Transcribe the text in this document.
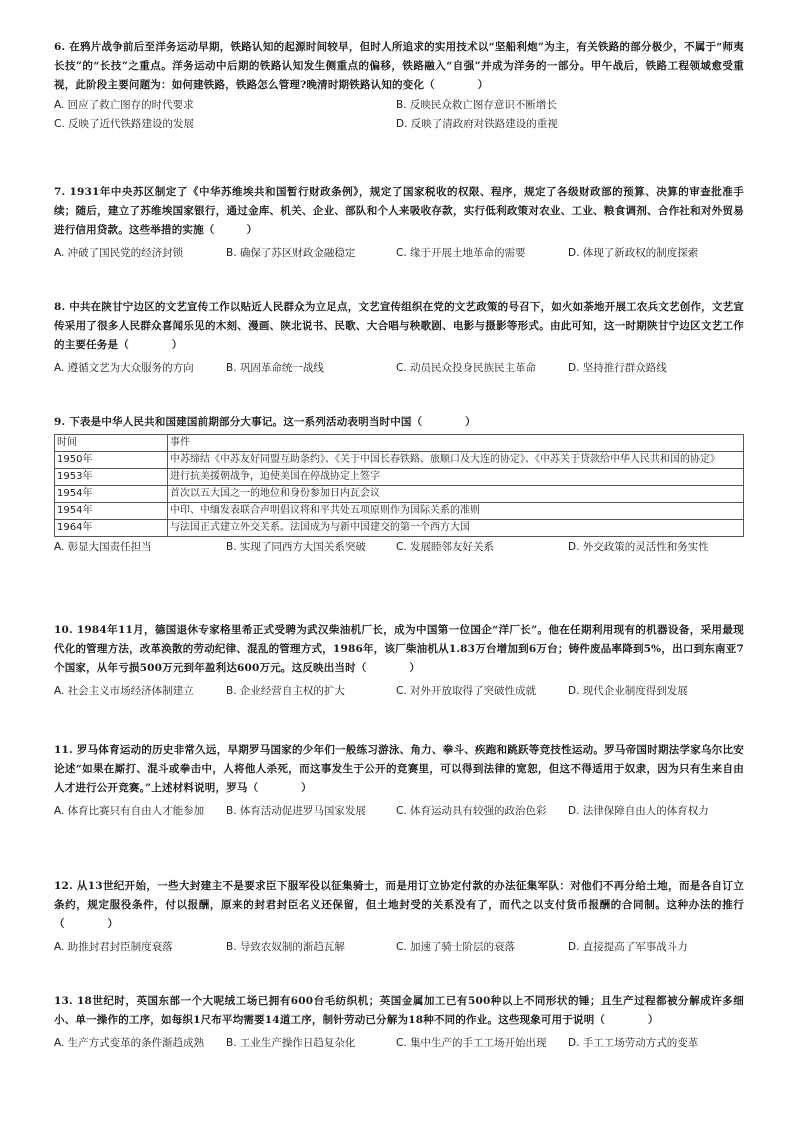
6. 在鸦片战争前后至洋务运动早期，铁路认知的起源时间较早，但时人所追求的实用技术以“坚船利炮”为主，有关铁路的部分极少，不属于“师夷长技”的“长技”之重点。洋务运动中后期的铁路认知发生侧重点的偏移，铁路融入“自强”并成为洋务的一部分。甲午战后，铁路工程领域愈受重视，此阶段主要问题为：如何建铁路，铁路怎么管理?晚清时期铁路认知的变化（　　　　）

A. 回应了救亡图存的时代要求	B. 反映民众救亡图存意识不断增长
C. 反映了近代铁路建设的发展	D. 反映了清政府对铁路建设的重视

7. 1931年中央苏区制定了《中华苏维埃共和国暂行财政条例》，规定了国家税收的权限、程序，规定了各级财政部的预算、决算的审查批准手续；随后，建立了苏维埃国家银行，通过金库、机关、企业、部队和个人来吸收存款，实行低利政策对农业、工业、粮食调剂、合作社和对外贸易进行信用贷款。这些举措的实施（　　　）

A. 冲破了国民党的经济封锁	B. 确保了苏区财政金融稳定	C. 缘于开展土地革命的需要	D. 体现了新政权的制度探索

8. 中共在陕甘宁边区的文艺宣传工作以贴近人民群众为立足点，文艺宣传组织在党的文艺政策的号召下，如火如荼地开展工农兵文艺创作，文艺宣传采用了很多人民群众喜闻乐见的木刻、漫画、陕北说书、民歌、大合唱与秧歌剧、电影与摄影等形式。由此可知，这一时期陕甘宁边区文艺工作的主要任务是（　　　　）

A. 遵循文艺为大众服务的方向	B. 巩固革命统一战线	C. 动员民众投身民族民主革命	D. 坚持推行群众路线

9. 下表是中华人民共和国建国前期部分大事记。这一系列活动表明当时中国（　　　　）

时间	事件
1950年	中苏缔结《中苏友好同盟互助条约》、《关于中国长春铁路、旅顺口及大连的协定》、《中苏关于贷款给中华人民共和国的协定》
1953年	进行抗美援朝战争，迫使美国在停战协定上签字
1954年	首次以五大国之一的地位和身份参加日内瓦会议
1954年	中印、中缅发表联合声明倡议将和平共处五项原则作为国际关系的准则
1964年	与法国正式建立外交关系。法国成为与新中国建交的第一个西方大国
A. 彰显大国责任担当	B. 实现了同西方大国关系突破	C. 发展睦邻友好关系	D. 外交政策的灵活性和务实性

10. 1984年11月，德国退休专家格里希正式受聘为武汉柴油机厂长，成为中国第一位国企“洋厂长”。他在任期利用现有的机器设备，采用最现代化的管理方法，改革涣散的劳动纪律、混乱的管理方式，1986年，该厂柴油机从1.83万台增加到6万台；铸件废品率降到5%，出口到东南亚7个国家，从年亏损500万元到年盈利达600万元。这反映出当时（　　　　）

A. 社会主义市场经济体制建立	B. 企业经营自主权的扩大	C. 对外开放取得了突破性成就	D. 现代企业制度得到发展

11. 罗马体育运动的历史非常久远，早期罗马国家的少年们一般练习游泳、角力、拳斗、疾跑和跳跃等竞技性运动。罗马帝国时期法学家乌尔比安论述“如果在厮打、混斗或拳击中，人将他人杀死，而这事发生于公开的竞赛里，可以得到法律的宽恕，但这不得适用于奴隶，因为只有生来自由人才进行公开竞赛。”上述材料说明，罗马（　　　　）

A. 体育比赛只有自由人才能参加	B. 体育活动促进罗马国家发展	C. 体育运动具有较强的政治色彩	D. 法律保障自由人的体育权力

12. 从13世纪开始，一些大封建主不是要求臣下服军役以征集骑士，而是用订立协定付款的办法征集军队：对他们不再分给土地，而是各自订立条约，规定服役条件，付以报酬，原来的封君封臣名义还保留，但土地封受的关系没有了，而代之以支付货币报酬的合同制。这种办法的推行（　　　　）

A. 助推封君封臣制度衰落	B. 导致农奴制的渐趋瓦解	C. 加速了骑士阶层的衰落	D. 直接提高了军事战斗力

13. 18世纪时，英国东部一个大呢绒工场已拥有600台毛纺织机；英国金属加工已有500种以上不同形状的锤；且生产过程都被分解成许多细小、单一操作的工序，如每织1尺布平均需要14道工序，制针劳动已分解为18种不同的作业。这些现象可用于说明（　　　　）

A. 生产方式变革的条件渐趋成熟	B. 工业生产操作日趋复杂化	C. 集中生产的手工工场开始出现	D. 手工工场劳动方式的变革
